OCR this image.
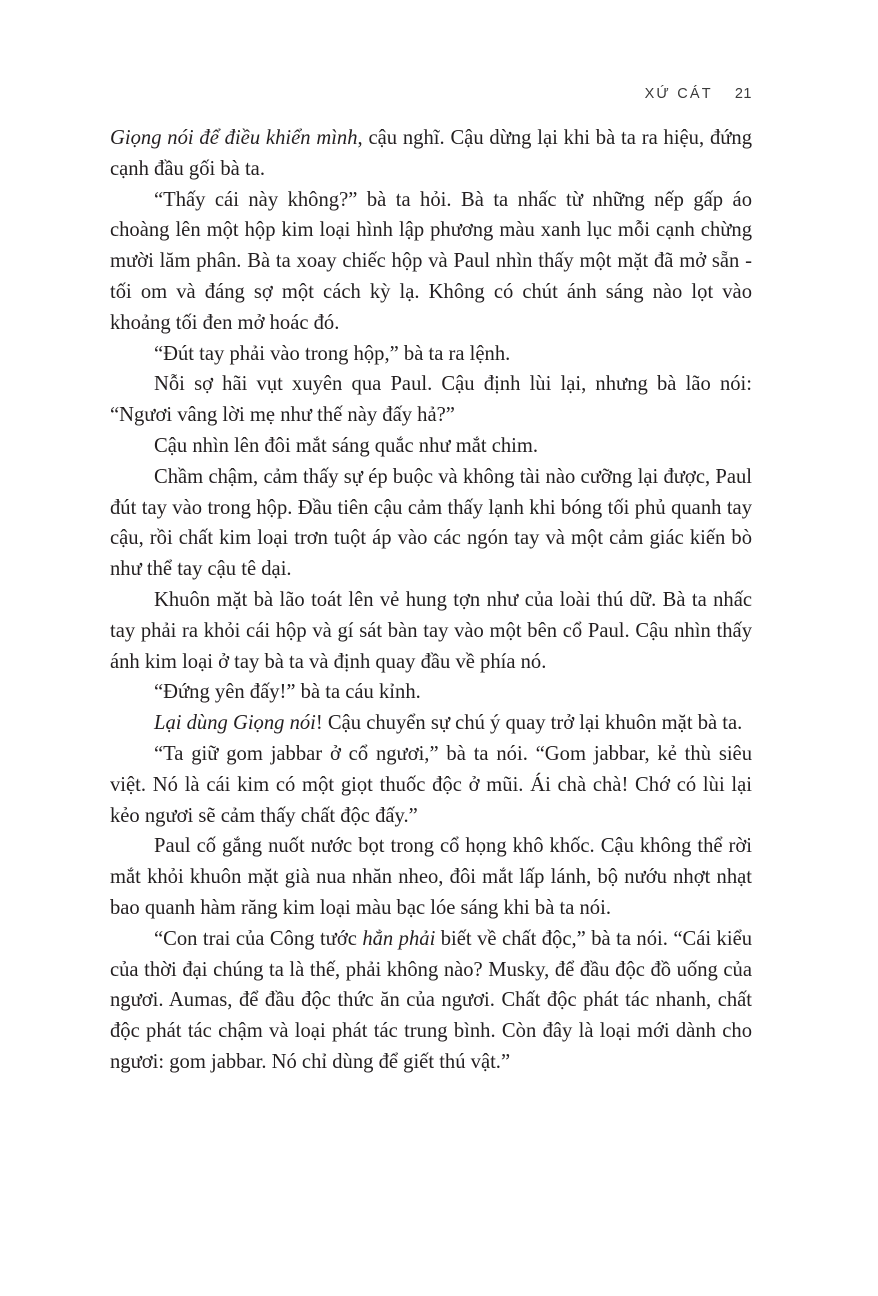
XỨ CÁT 21

Giọng nói để điều khiển mình, cậu nghĩ. Cậu dừng lại khi bà ta ra hiệu, đứng cạnh đầu gối bà ta.

“Thấy cái này không?” bà ta hỏi. Bà ta nhấc từ những nếp gấp áo choàng lên một hộp kim loại hình lập phương màu xanh lục mỗi cạnh chừng mười lăm phân. Bà ta xoay chiếc hộp và Paul nhìn thấy một mặt đã mở sẵn - tối om và đáng sợ một cách kỳ lạ. Không có chút ánh sáng nào lọt vào khoảng tối đen mở hoác đó.

“Đút tay phải vào trong hộp,” bà ta ra lệnh.

Nỗi sợ hãi vụt xuyên qua Paul. Cậu định lùi lại, nhưng bà lão nói: “Ngươi vâng lời mẹ như thế này đấy hả?”

Cậu nhìn lên đôi mắt sáng quắc như mắt chim.

Chầm chậm, cảm thấy sự ép buộc và không tài nào cưỡng lại được, Paul đút tay vào trong hộp. Đầu tiên cậu cảm thấy lạnh khi bóng tối phủ quanh tay cậu, rồi chất kim loại trơn tuột áp vào các ngón tay và một cảm giác kiến bò như thể tay cậu tê dại.

Khuôn mặt bà lão toát lên vẻ hung tợn như của loài thú dữ. Bà ta nhấc tay phải ra khỏi cái hộp và gí sát bàn tay vào một bên cổ Paul. Cậu nhìn thấy ánh kim loại ở tay bà ta và định quay đầu về phía nó.

“Đứng yên đấy!” bà ta cáu kỉnh.

Lại dùng Giọng nói! Cậu chuyển sự chú ý quay trở lại khuôn mặt bà ta.

“Ta giữ gom jabbar ở cổ ngươi,” bà ta nói. “Gom jabbar, kẻ thù siêu việt. Nó là cái kim có một giọt thuốc độc ở mũi. Ái chà chà! Chớ có lùi lại kẻo ngươi sẽ cảm thấy chất độc đấy.”

Paul cố gắng nuốt nước bọt trong cổ họng khô khốc. Cậu không thể rời mắt khỏi khuôn mặt già nua nhăn nheo, đôi mắt lấp lánh, bộ nướu nhợt nhạt bao quanh hàm răng kim loại màu bạc lóe sáng khi bà ta nói.

“Con trai của Công tước hẳn phải biết về chất độc,” bà ta nói. “Cái kiểu của thời đại chúng ta là thế, phải không nào? Musky, để đầu độc đồ uống của ngươi. Aumas, để đầu độc thức ăn của ngươi. Chất độc phát tác nhanh, chất độc phát tác chậm và loại phát tác trung bình. Còn đây là loại mới dành cho ngươi: gom jabbar. Nó chỉ dùng để giết thú vật.”
